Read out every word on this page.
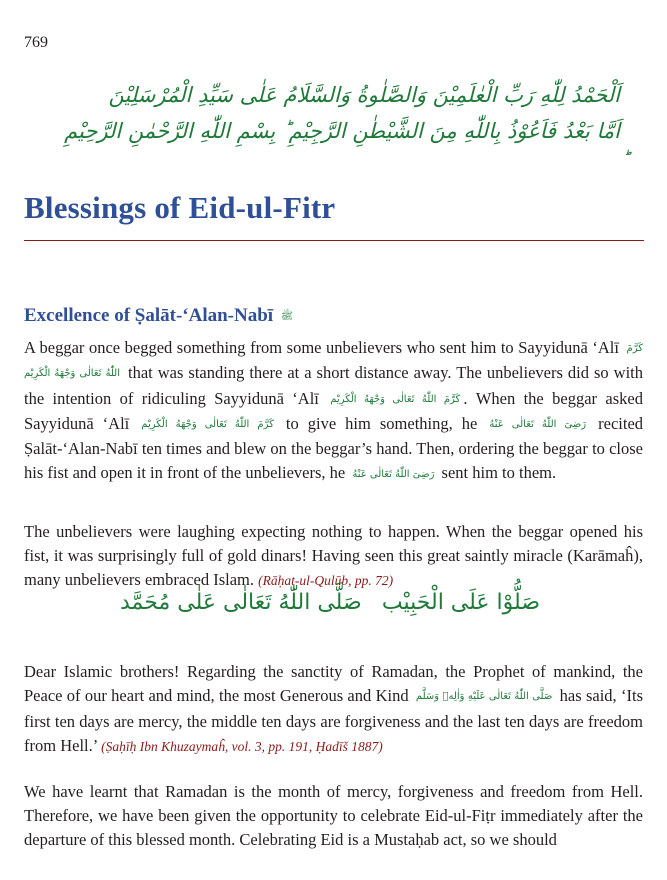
769
اَلْحَمْدُ لِلّٰهِ رَبِّ الْعٰلَمِيْنَ وَالصَّلٰوةُ وَالسَّلَامُ عَلٰى سَيِّدِ الْمُرْسَلِيْنَ
اَمَّا بَعْدُ فَاَعُوْذُ بِاللّٰهِ مِنَ الشَّيْطٰنِ الرَّجِيْمِ ؕ بِسْمِ اللّٰهِ الرَّحْمٰنِ الرَّحِيْمِ
Blessings of Eid-ul-Fitr
Excellence of Ṣalāt-‘Alan-Nabī ﷺ
A beggar once begged something from some unbelievers who sent him to Sayyidunā ‘Alī كَرَّمَ اللّٰهُ تَعَالٰى وَجْهَهُ الْكَرِيْم that was standing there at a short distance away. The unbelievers did so with the intention of ridiculing Sayyidunā ‘Alī كَرَّمَ اللّٰهُ تَعَالٰى وَجْهَهُ الْكَرِيْم . When the beggar asked Sayyidunā ‘Alī كَرَّمَ اللّٰهُ تَعَالٰى وَجْهَهُ الْكَرِيْم to give him something, he رَضِىَ اللّٰهُ تَعَالٰى عَنْهُ recited Ṣalāt-‘Alan-Nabī ten times and blew on the beggar’s hand. Then, ordering the beggar to close his fist and open it in front of the unbelievers, he رَضِىَ اللّٰهُ تَعَالٰى عَنْهُ sent him to them.
The unbelievers were laughing expecting nothing to happen. When the beggar opened his fist, it was surprisingly full of gold dinars! Having seen this great saintly miracle (Karāmaĥ), many unbelievers embraced Islam. (Rāḥat-ul-Qulūb, pp. 72)
صَلُّوْا عَلَى الْحَبِيْب
صَلَّى اللّٰهُ تَعَالٰى عَلٰى مُحَمَّد
Dear Islamic brothers! Regarding the sanctity of Ramadan, the Prophet of mankind, the Peace of our heart and mind, the most Generous and Kind صَلَّى اللّٰهُ تَعَالٰى عَلَيْهِ وَاٰلِهٖ وَسَلَّم has said, ‘Its first ten days are mercy, the middle ten days are forgiveness and the last ten days are freedom from Hell.’ (Ṣaḥīḥ Ibn Khuzaymaĥ, vol. 3, pp. 191, Ḥadīš 1887)
We have learnt that Ramadan is the month of mercy, forgiveness and freedom from Hell. Therefore, we have been given the opportunity to celebrate Eid-ul-Fiṭr immediately after the departure of this blessed month. Celebrating Eid is a Mustaḥab act, so we should
